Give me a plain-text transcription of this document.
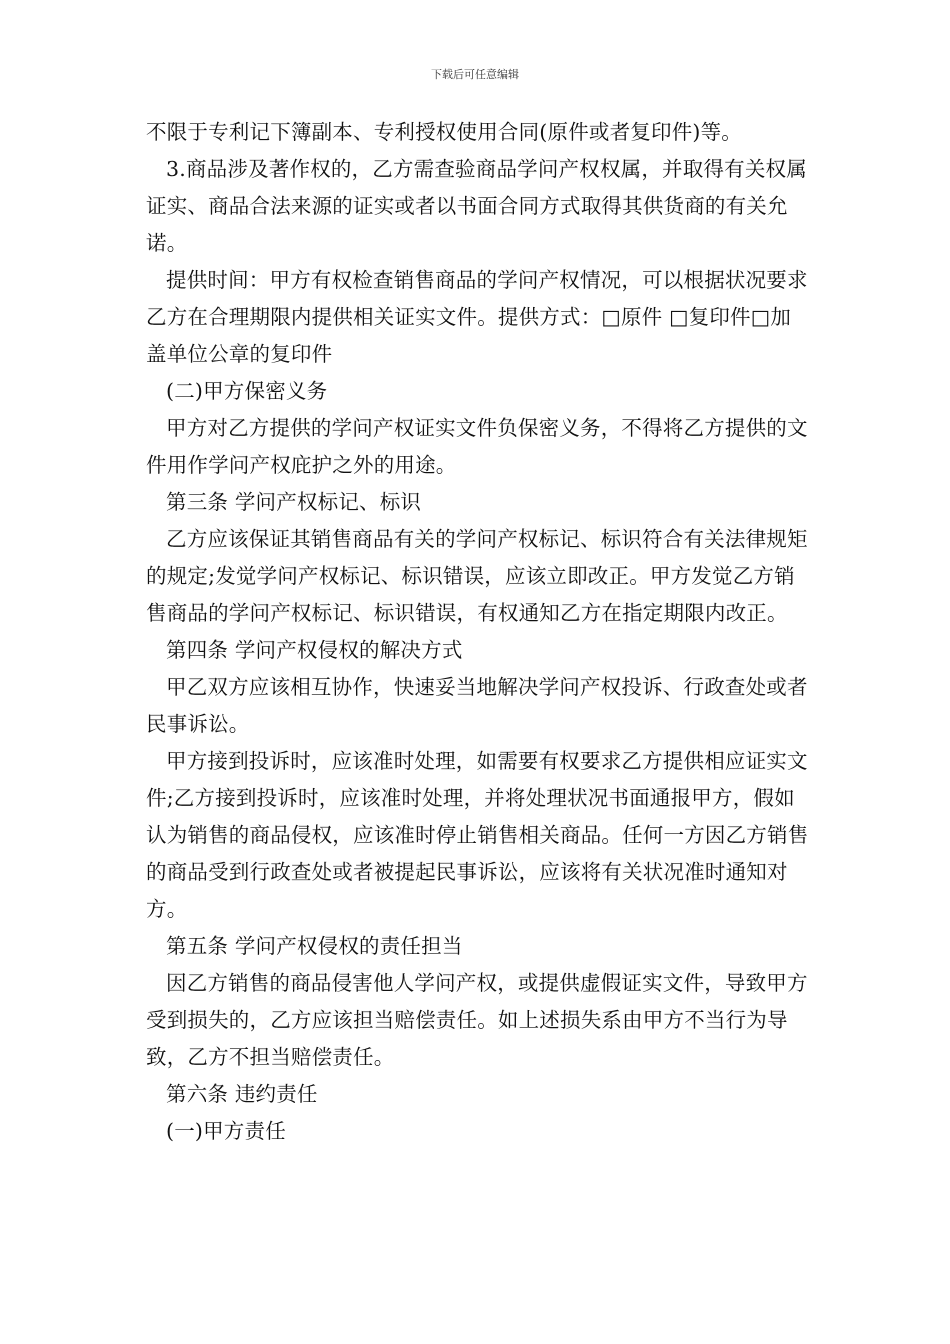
下载后可任意编辑

不限于专利记下簿副本、专利授权使用合同(原件或者复印件)等。

3.商品涉及著作权的，乙方需查验商品学问产权权属，并取得有关权属证实、商品合法来源的证实或者以书面合同方式取得其供货商的有关允诺。

提供时间：甲方有权检查销售商品的学问产权情况，可以根据状况要求乙方在合理期限内提供相关证实文件。提供方式：□原件 □复印件□加盖单位公章的复印件

(二)甲方保密义务

甲方对乙方提供的学问产权证实文件负保密义务，不得将乙方提供的文件用作学问产权庇护之外的用途。

第三条 学问产权标记、标识

乙方应该保证其销售商品有关的学问产权标记、标识符合有关法律规矩的规定;发觉学问产权标记、标识错误，应该立即改正。甲方发觉乙方销售商品的学问产权标记、标识错误，有权通知乙方在指定期限内改正。

第四条 学问产权侵权的解决方式

甲乙双方应该相互协作，快速妥当地解决学问产权投诉、行政查处或者民事诉讼。

甲方接到投诉时，应该准时处理，如需要有权要求乙方提供相应证实文件;乙方接到投诉时，应该准时处理，并将处理状况书面通报甲方，假如认为销售的商品侵权，应该准时停止销售相关商品。任何一方因乙方销售的商品受到行政查处或者被提起民事诉讼，应该将有关状况准时通知对方。

第五条 学问产权侵权的责任担当

因乙方销售的商品侵害他人学问产权，或提供虚假证实文件，导致甲方受到损失的，乙方应该担当赔偿责任。如上述损失系由甲方不当行为导致，乙方不担当赔偿责任。

第六条 违约责任

(一)甲方责任
